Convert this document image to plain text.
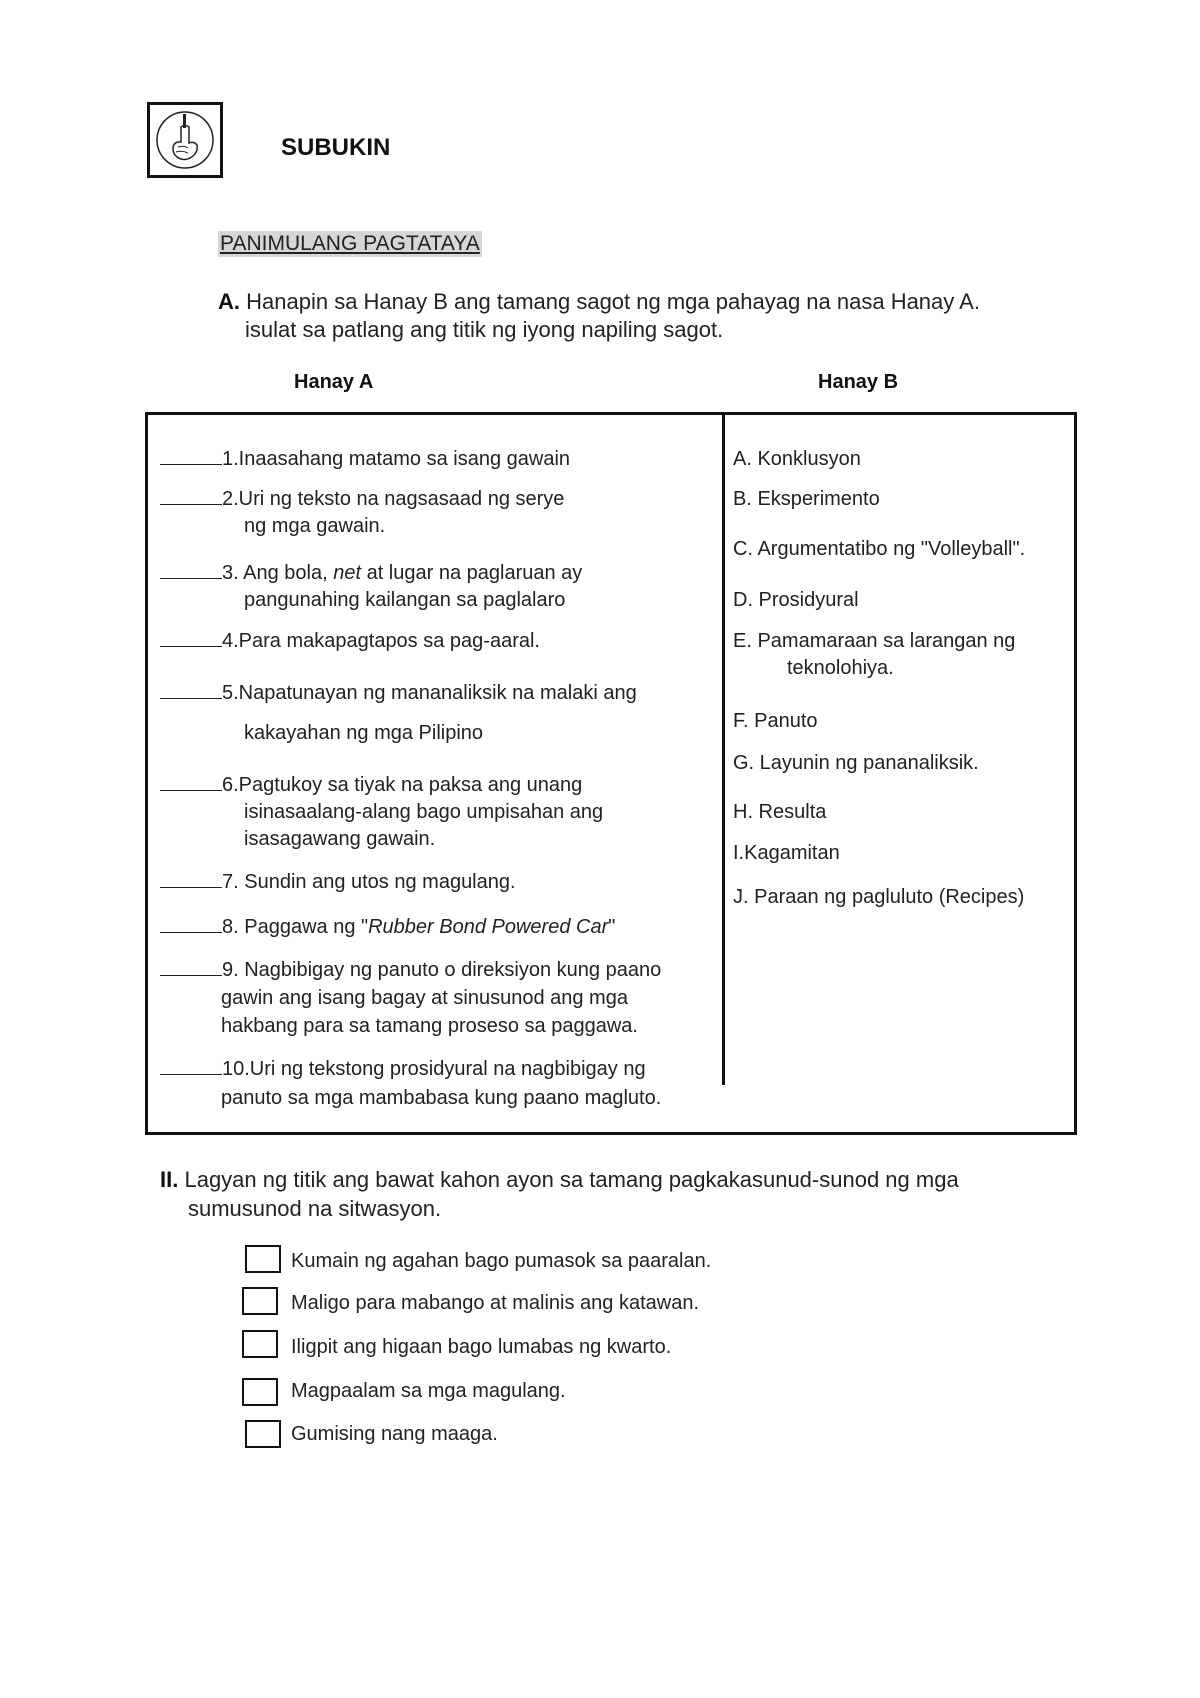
SUBUKIN
PANIMULANG PAGTATAYA
A. Hanapin sa Hanay B ang tamang sagot ng mga pahayag na nasa Hanay A.
isulat sa patlang ang titik ng iyong napiling sagot.
Hanay A	Hanay B
1.Inaasahang matamo sa isang gawain
2.Uri ng teksto na nagsasaad ng serye
ng mga gawain.
3. Ang bola, net at lugar na paglaruan ay
pangunahing kailangan sa paglalaro
4.Para makapagtapos sa pag-aaral.
5.Napatunayan ng mananaliksik na malaki ang
kakayahan ng mga Pilipino
6.Pagtukoy sa tiyak na paksa ang unang
isinasaalang-alang bago umpisahan ang
isasagawang gawain.
7. Sundin ang utos ng magulang.
8. Paggawa ng "Rubber Bond Powered Car"
9. Nagbibigay ng panuto o direksiyon kung paano
gawin ang isang bagay at sinusunod ang mga
hakbang para sa tamang proseso sa paggawa.
10.Uri ng tekstong prosidyural na nagbibigay ng
panuto sa mga mambabasa kung paano magluto.
A. Konklusyon
B. Eksperimento
C. Argumentatibo ng "Volleyball".
D. Prosidyural
E. Pamamaraan sa larangan ng
teknolohiya.
F. Panuto
G. Layunin ng pananaliksik.
H. Resulta
I.Kagamitan
J. Paraan ng pagluluto (Recipes)
II. Lagyan ng titik ang bawat kahon ayon sa tamang pagkakasunud-sunod ng mga
sumusunod na sitwasyon.
Kumain ng agahan bago pumasok sa paaralan.
Maligo para mabango at malinis ang katawan.
Iligpit ang higaan bago lumabas ng kwarto.
Magpaalam sa mga magulang.
Gumising nang maaga.
